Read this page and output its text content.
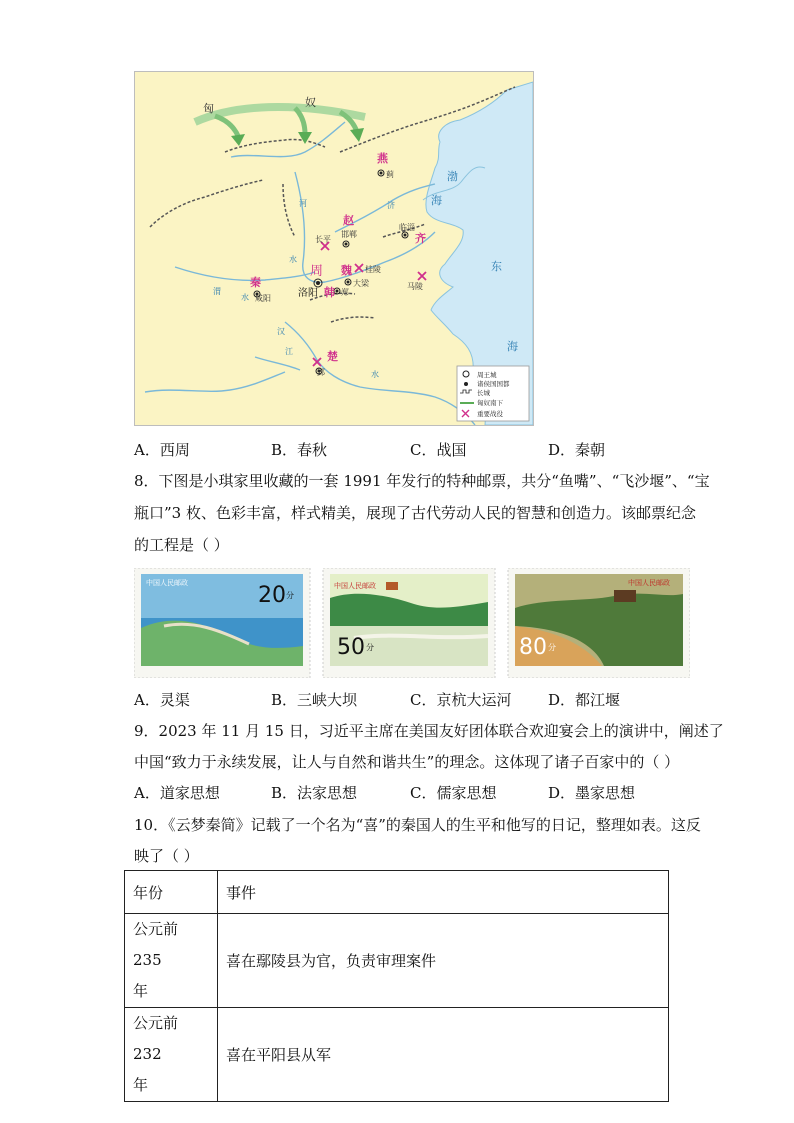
匈	奴
燕
蓟	渤
海
赵
邯郸
临淄
齐
长平
桂陵
魏
大梁
郑
韩
周
洛阳
秦
咸阳
马陵
楚
郢
东
海
河
渭
水
水
水
江
汉
济
周王城
诸侯国国都
长城
匈奴南下
重要战役
A．西周	B．春秋	C．战国	D．秦朝
8．下图是小琪家里收藏的一套 1991 年发行的特种邮票，共分“鱼嘴”、“飞沙堰”、“宝
瓶口”3 枚、色彩丰富，样式精美，展现了古代劳动人民的智慧和创造力。该邮票纪念
的工程是（ ）
中国人民邮政	20 分
中国人民邮政
50 分
中国人民邮政
80 分
A．灵渠	B．三峡大坝	C．京杭大运河 D．都江堰
9．2023 年 11 月 15 日，习近平主席在美国友好团体联合欢迎宴会上的演讲中，阐述了
中国“致力于永续发展，让人与自然和谐共生”的理念。这体现了诸子百家中的（ ）
A．道家思想	B．法家思想	C．儒家思想	D．墨家思想
10．《云梦秦简》记载了一个名为“喜”的秦国人的生平和他写的日记，整理如表。这反
映了（ ）
年份	事件

公元前 235
年	喜在鄢陵县为官，负责审理案件

公元前 232
年	喜在平阳县从军
